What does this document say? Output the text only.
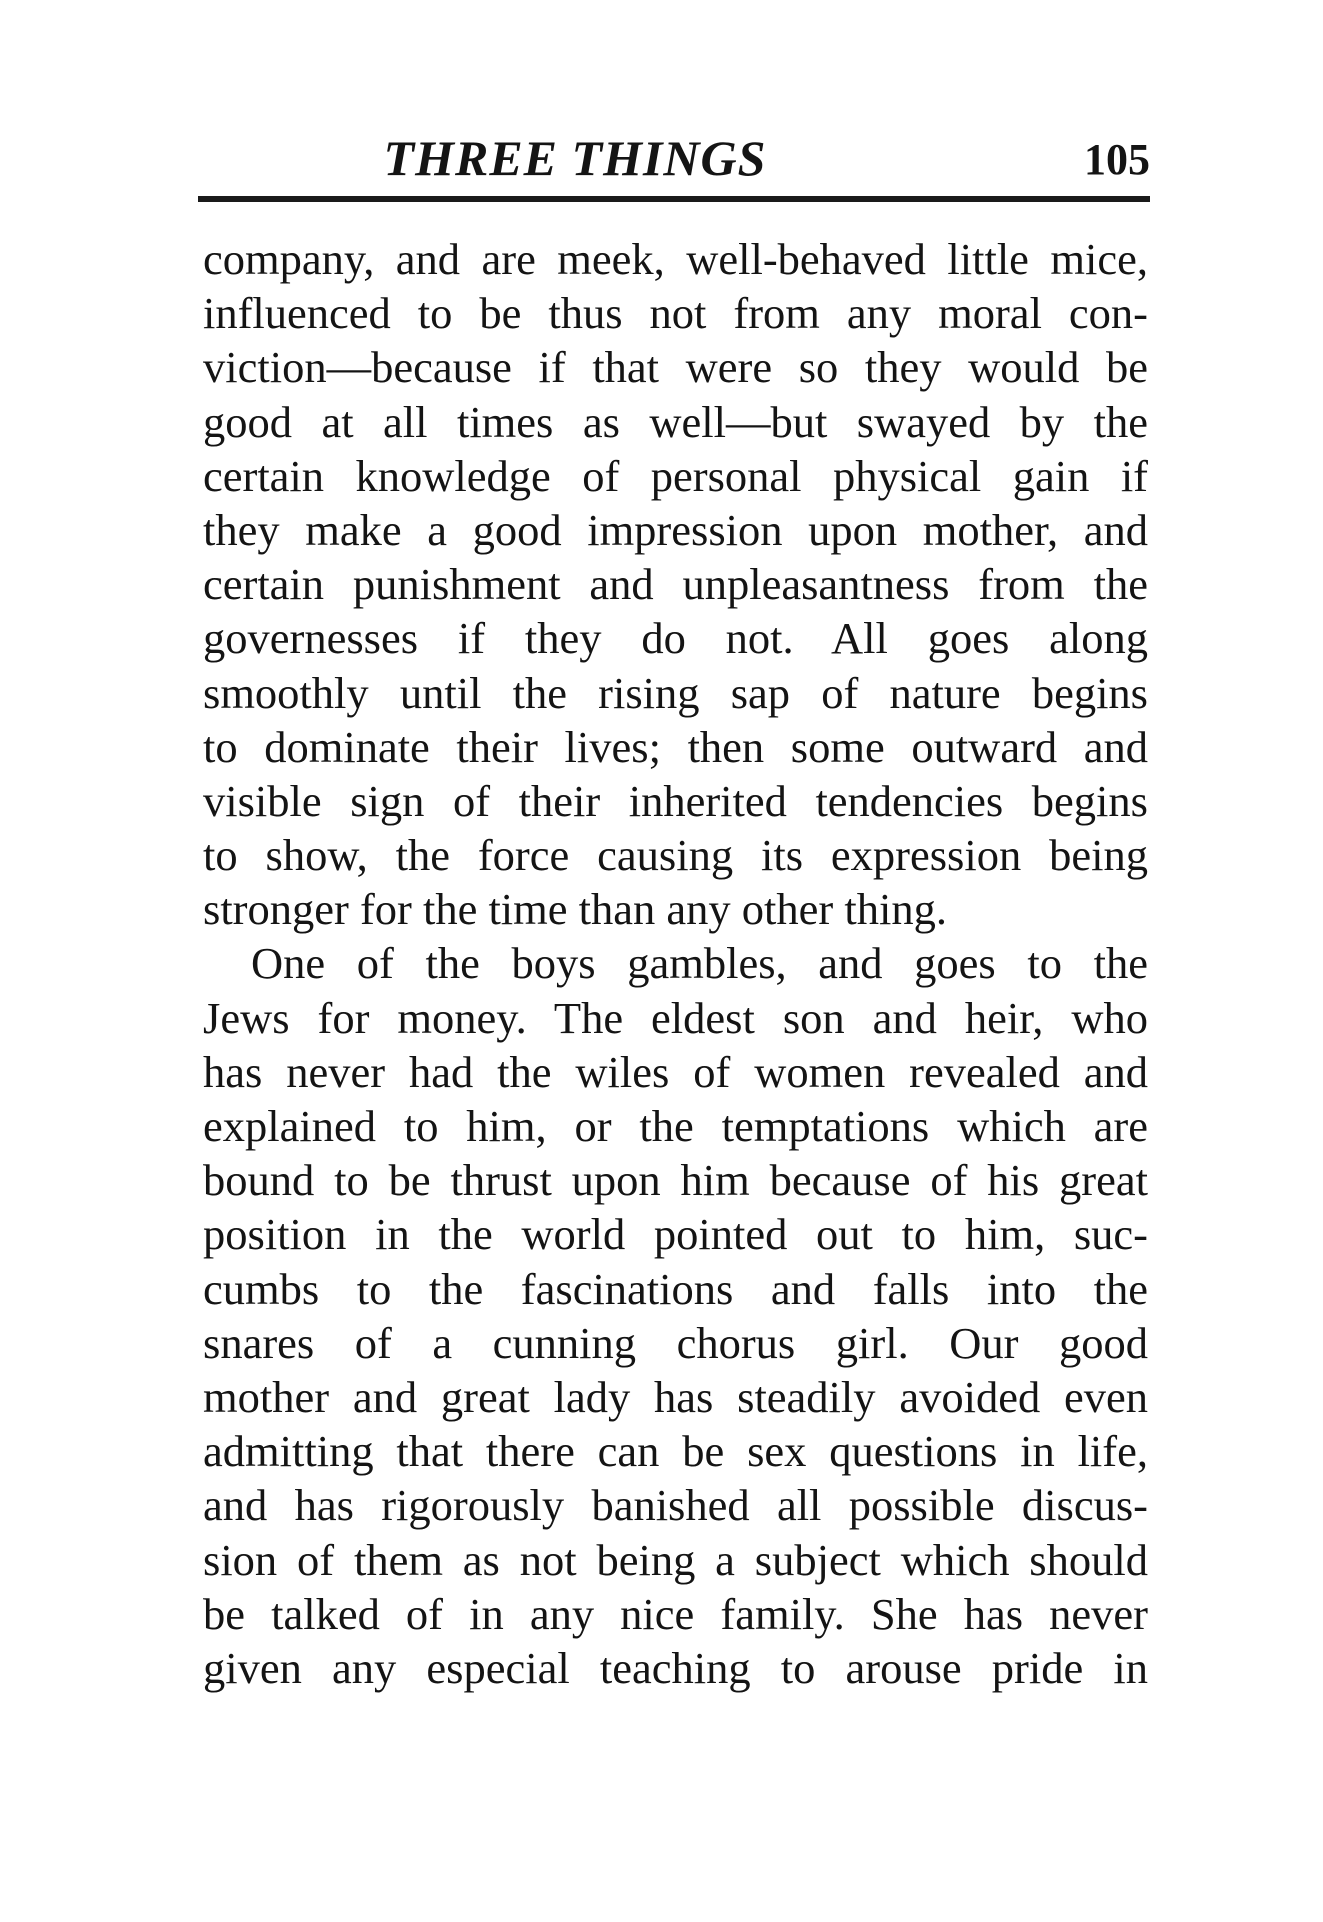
THREE THINGS	105
company, and are meek, well-behaved little mice,
influenced to be thus not from any moral con-
viction—because if that were so they would be
good at all times as well—but swayed by the
certain knowledge of personal physical gain if
they make a good impression upon mother, and
certain punishment and unpleasantness from the
governesses if they do not. All goes along
smoothly until the rising sap of nature begins
to dominate their lives; then some outward and
visible sign of their inherited tendencies begins
to show, the force causing its expression being
stronger for the time than any other thing.
One of the boys gambles, and goes to the
Jews for money. The eldest son and heir, who
has never had the wiles of women revealed and
explained to him, or the temptations which are
bound to be thrust upon him because of his great
position in the world pointed out to him, suc-
cumbs to the fascinations and falls into the
snares of a cunning chorus girl. Our good
mother and great lady has steadily avoided even
admitting that there can be sex questions in life,
and has rigorously banished all possible discus-
sion of them as not being a subject which should
be talked of in any nice family. She has never
given any especial teaching to arouse pride in
